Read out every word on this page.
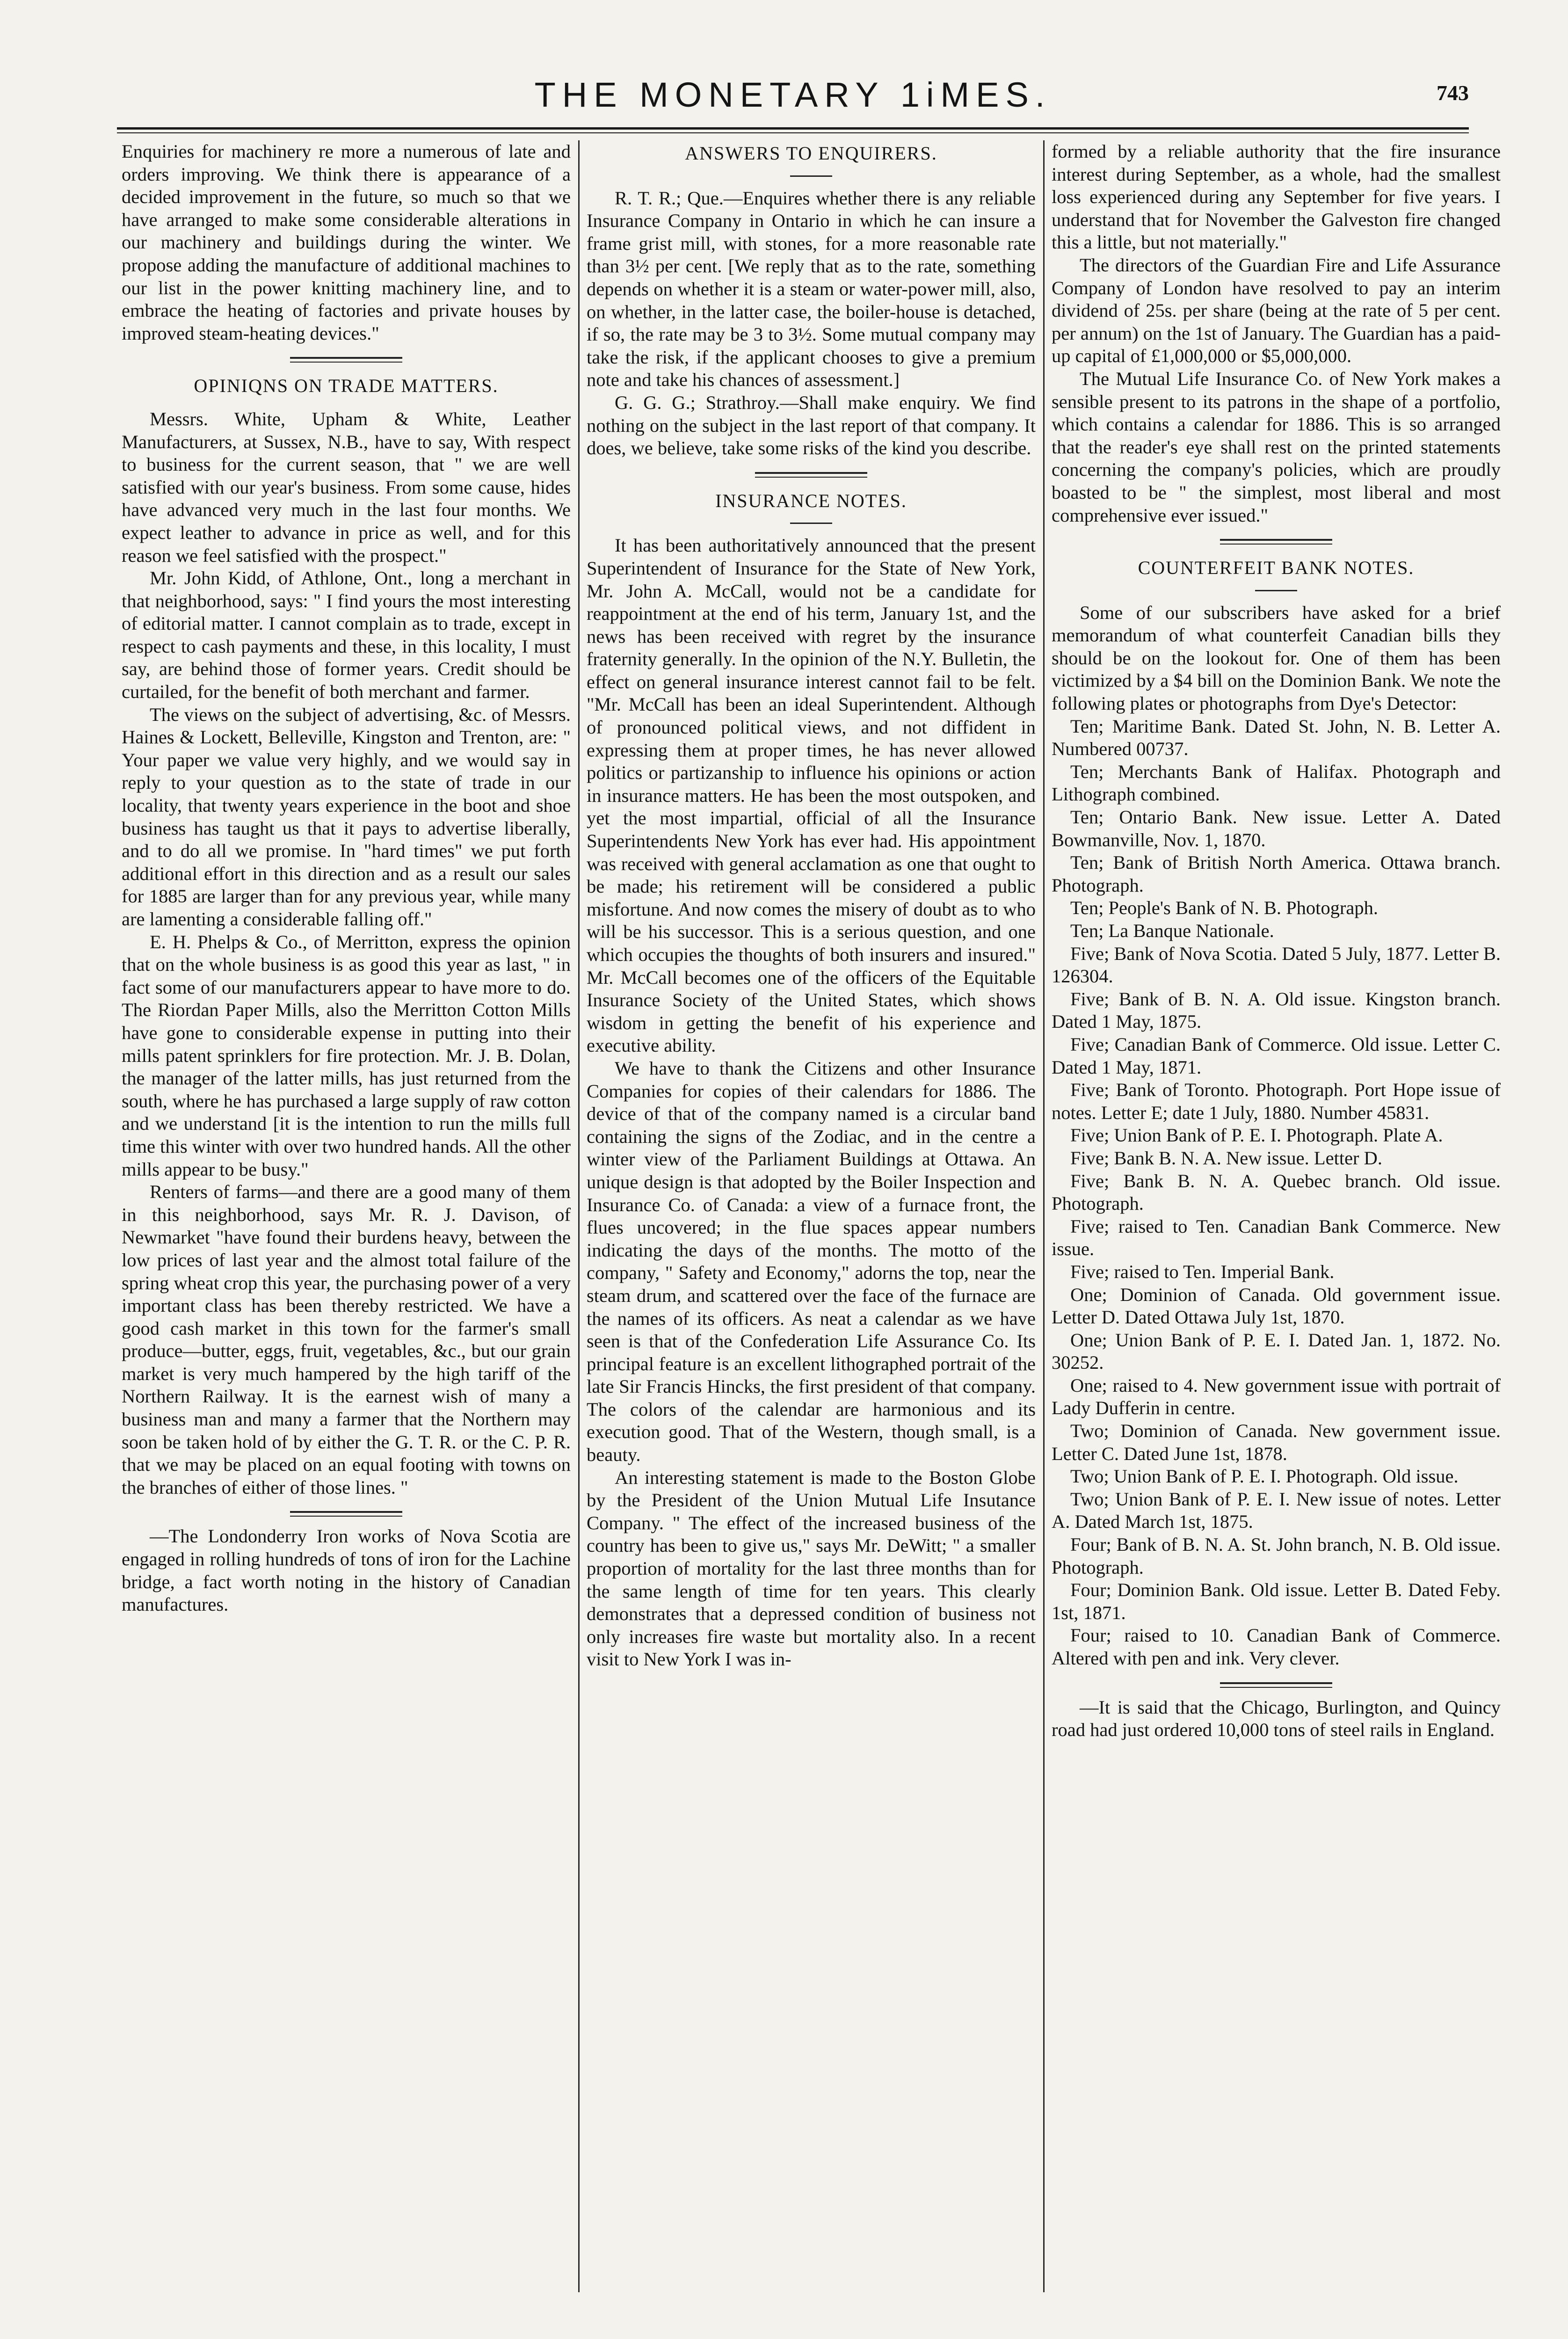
THE MONETARY 1iMES.	743

Enquiries for machinery re more a numerous of late and orders improving. We think there is appearance of a decided improvement in the future, so much so that we have arranged to make some considerable alterations in our machinery and buildings during the winter. We propose adding the manufacture of additional machines to our list in the power knitting machinery line, and to embrace the heating of factories and private houses by improved steam-heating devices."

OPINIQNS ON TRADE MATTERS.

Messrs. White, Upham & White, Leather Manufacturers, at Sussex, N.B., have to say, With respect to business for the current season, that " we are well satisfied with our year's business. From some cause, hides have advanced very much in the last four months. We expect leather to advance in price as well, and for this reason we feel satisfied with the prospect."

Mr. John Kidd, of Athlone, Ont., long a merchant in that neighborhood, says: " I find yours the most interesting of editorial matter. I cannot complain as to trade, except in respect to cash payments and these, in this locality, I must say, are behind those of former years. Credit should be curtailed, for the benefit of both merchant and farmer.

The views on the subject of advertising, &c. of Messrs. Haines & Lockett, Belleville, Kingston and Trenton, are: " Your paper we value very highly, and we would say in reply to your question as to the state of trade in our locality, that twenty years experience in the boot and shoe business has taught us that it pays to advertise liberally, and to do all we promise. In "hard times" we put forth additional effort in this direction and as a result our sales for 1885 are larger than for any previous year, while many are lamenting a considerable falling off."

E. H. Phelps & Co., of Merritton, express the opinion that on the whole business is as good this year as last, " in fact some of our manufacturers appear to have more to do. The Riordan Paper Mills, also the Merritton Cotton Mills have gone to considerable expense in putting into their mills patent sprinklers for fire protection. Mr. J. B. Dolan, the manager of the latter mills, has just returned from the south, where he has purchased a large supply of raw cotton and we understand [it is the intention to run the mills full time this winter with over two hundred hands. All the other mills appear to be busy."

Renters of farms—and there are a good many of them in this neighborhood, says Mr. R. J. Davison, of Newmarket "have found their burdens heavy, between the low prices of last year and the almost total failure of the spring wheat crop this year, the purchasing power of a very important class has been thereby restricted. We have a good cash market in this town for the farmer's small produce—butter, eggs, fruit, vegetables, &c., but our grain market is very much hampered by the high tariff of the Northern Railway. It is the earnest wish of many a business man and many a farmer that the Northern may soon be taken hold of by either the G. T. R. or the C. P. R. that we may be placed on an equal footing with towns on the branches of either of those lines. "

—The Londonderry Iron works of Nova Scotia are engaged in rolling hundreds of tons of iron for the Lachine bridge, a fact worth noting in the history of Canadian manufactures.

ANSWERS TO ENQUIRERS.

R. T. R.; Que.—Enquires whether there is any reliable Insurance Company in Ontario in which he can insure a frame grist mill, with stones, for a more reasonable rate than 3½ per cent. [We reply that as to the rate, something depends on whether it is a steam or water-power mill, also, on whether, in the latter case, the boiler-house is detached, if so, the rate may be 3 to 3½. Some mutual company may take the risk, if the applicant chooses to give a premium note and take his chances of assessment.]

G. G. G.; Strathroy.—Shall make enquiry. We find nothing on the subject in the last report of that company. It does, we believe, take some risks of the kind you describe.

INSURANCE NOTES.

It has been authoritatively announced that the present Superintendent of Insurance for the State of New York, Mr. John A. McCall, would not be a candidate for reappointment at the end of his term, January 1st, and the news has been received with regret by the insurance fraternity generally. In the opinion of the N.Y. Bulletin, the effect on general insurance interest cannot fail to be felt. "Mr. McCall has been an ideal Superintendent. Although of pronounced political views, and not diffident in expressing them at proper times, he has never allowed politics or partizanship to influence his opinions or action in insurance matters. He has been the most outspoken, and yet the most impartial, official of all the Insurance Superintendents New York has ever had. His appointment was received with general acclamation as one that ought to be made; his retirement will be considered a public misfortune. And now comes the misery of doubt as to who will be his successor. This is a serious question, and one which occupies the thoughts of both insurers and insured." Mr. McCall becomes one of the officers of the Equitable Insurance Society of the United States, which shows wisdom in getting the benefit of his experience and executive ability.

We have to thank the Citizens and other Insurance Companies for copies of their calendars for 1886. The device of that of the company named is a circular band containing the signs of the Zodiac, and in the centre a winter view of the Parliament Buildings at Ottawa. An unique design is that adopted by the Boiler Inspection and Insurance Co. of Canada: a view of a furnace front, the flues uncovered; in the flue spaces appear numbers indicating the days of the months. The motto of the company, " Safety and Economy," adorns the top, near the steam drum, and scattered over the face of the furnace are the names of its officers. As neat a calendar as we have seen is that of the Confederation Life Assurance Co. Its principal feature is an excellent lithographed portrait of the late Sir Francis Hincks, the first president of that company. The colors of the calendar are harmonious and its execution good. That of the Western, though small, is a beauty.

An interesting statement is made to the Boston Globe by the President of the Union Mutual Life Insutance Company. " The effect of the increased business of the country has been to give us," says Mr. DeWitt; " a smaller proportion of mortality for the last three months than for the same length of time for ten years. This clearly demonstrates that a depressed condition of business not only increases fire waste but mortality also. In a recent visit to New York I was in-

formed by a reliable authority that the fire insurance interest during September, as a whole, had the smallest loss experienced during any September for five years. I understand that for November the Galveston fire changed this a little, but not materially."

The directors of the Guardian Fire and Life Assurance Company of London have resolved to pay an interim dividend of 25s. per share (being at the rate of 5 per cent. per annum) on the 1st of January. The Guardian has a paid-up capital of £1,000,000 or $5,000,000.

The Mutual Life Insurance Co. of New York makes a sensible present to its patrons in the shape of a portfolio, which contains a calendar for 1886. This is so arranged that the reader's eye shall rest on the printed statements concerning the company's policies, which are proudly boasted to be " the simplest, most liberal and most comprehensive ever issued."

COUNTERFEIT BANK NOTES.

Some of our subscribers have asked for a brief memorandum of what counterfeit Canadian bills they should be on the lookout for. One of them has been victimized by a $4 bill on the Dominion Bank. We note the following plates or photographs from Dye's Detector:

Ten; Maritime Bank. Dated St. John, N. B. Letter A. Numbered 00737.

Ten; Merchants Bank of Halifax. Photograph and Lithograph combined.

Ten; Ontario Bank. New issue. Letter A. Dated Bowmanville, Nov. 1, 1870.

Ten; Bank of British North America. Ottawa branch. Photograph.

Ten; People's Bank of N. B. Photograph.

Ten; La Banque Nationale.

Five; Bank of Nova Scotia. Dated 5 July, 1877. Letter B. 126304.

Five; Bank of B. N. A. Old issue. Kingston branch. Dated 1 May, 1875.

Five; Canadian Bank of Commerce. Old issue. Letter C. Dated 1 May, 1871.

Five; Bank of Toronto. Photograph. Port Hope issue of notes. Letter E; date 1 July, 1880. Number 45831.

Five; Union Bank of P. E. I. Photograph. Plate A.

Five; Bank B. N. A. New issue. Letter D.

Five; Bank B. N. A. Quebec branch. Old issue. Photograph.

Five; raised to Ten. Canadian Bank Commerce. New issue.

Five; raised to Ten. Imperial Bank.

One; Dominion of Canada. Old government issue. Letter D. Dated Ottawa July 1st, 1870.

One; Union Bank of P. E. I. Dated Jan. 1, 1872. No. 30252.

One; raised to 4. New government issue with portrait of Lady Dufferin in centre.

Two; Dominion of Canada. New government issue. Letter C. Dated June 1st, 1878.

Two; Union Bank of P. E. I. Photograph. Old issue.

Two; Union Bank of P. E. I. New issue of notes. Letter A. Dated March 1st, 1875.

Four; Bank of B. N. A. St. John branch, N. B. Old issue. Photograph.

Four; Dominion Bank. Old issue. Letter B. Dated Feby. 1st, 1871.

Four; raised to 10. Canadian Bank of Commerce. Altered with pen and ink. Very clever.

—It is said that the Chicago, Burlington, and Quincy road had just ordered 10,000 tons of steel rails in England.
